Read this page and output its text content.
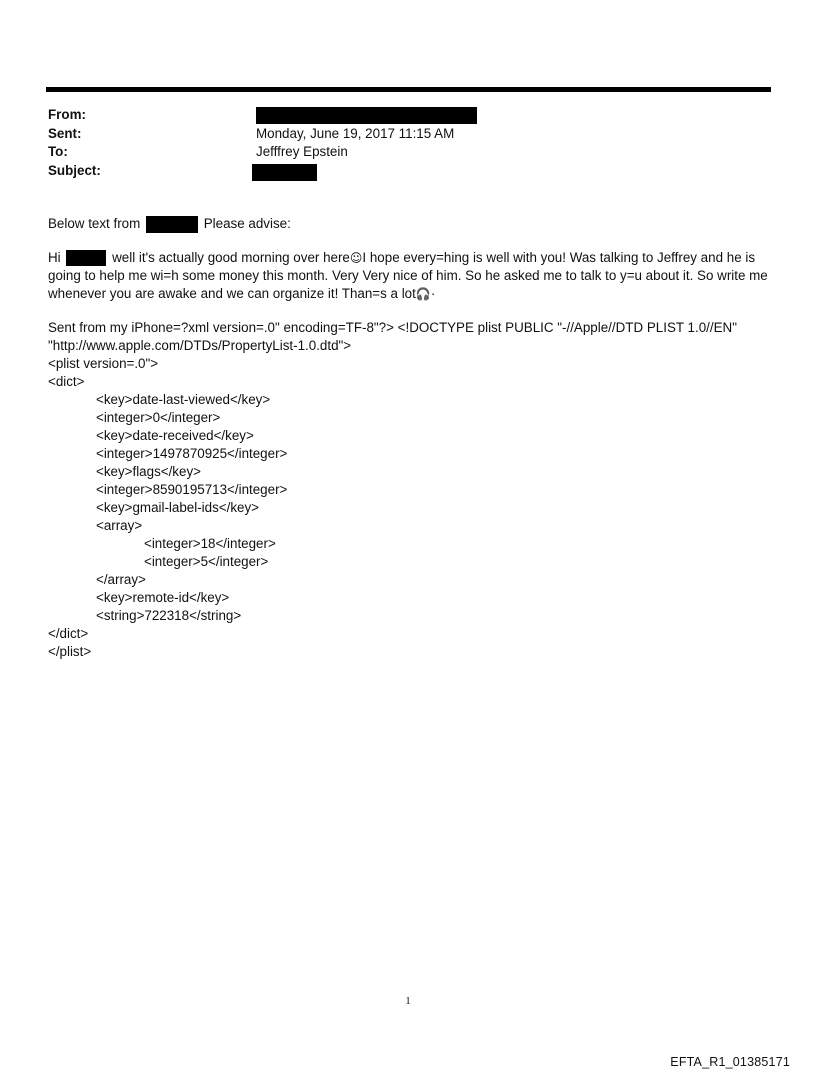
From:
Sent:	Monday, June 19, 2017 11:15 AM
To:	Jefffrey Epstein
Subject:

Below text from	Please advise:

Hi	well it's actually good morning over here☺I hope every=hing is well with you! Was talking to Jeffrey and he is going to help me wi=h some money this month. Very Very nice of him. So he asked me to talk to y=u about it. So write me whenever you are awake and we can organize it! Than=s a lot🎧·

Sent from my iPhone=?xml version=.0" encoding=TF-8"?> <!DOCTYPE plist PUBLIC "-//Apple//DTD PLIST 1.0//EN"
"http://www.apple.com/DTDs/PropertyList-1.0.dtd">
<plist version=.0">
<dict>
<key>date-last-viewed</key>
<integer>0</integer>
<key>date-received</key>
<integer>1497870925</integer>
<key>flags</key>
<integer>8590195713</integer>
<key>gmail-label-ids</key>
<array>
<integer>18</integer>
<integer>5</integer>
</array>
<key>remote-id</key>
<string>722318</string>
</dict>
</plist>
1
EFTA_R1_01385171
